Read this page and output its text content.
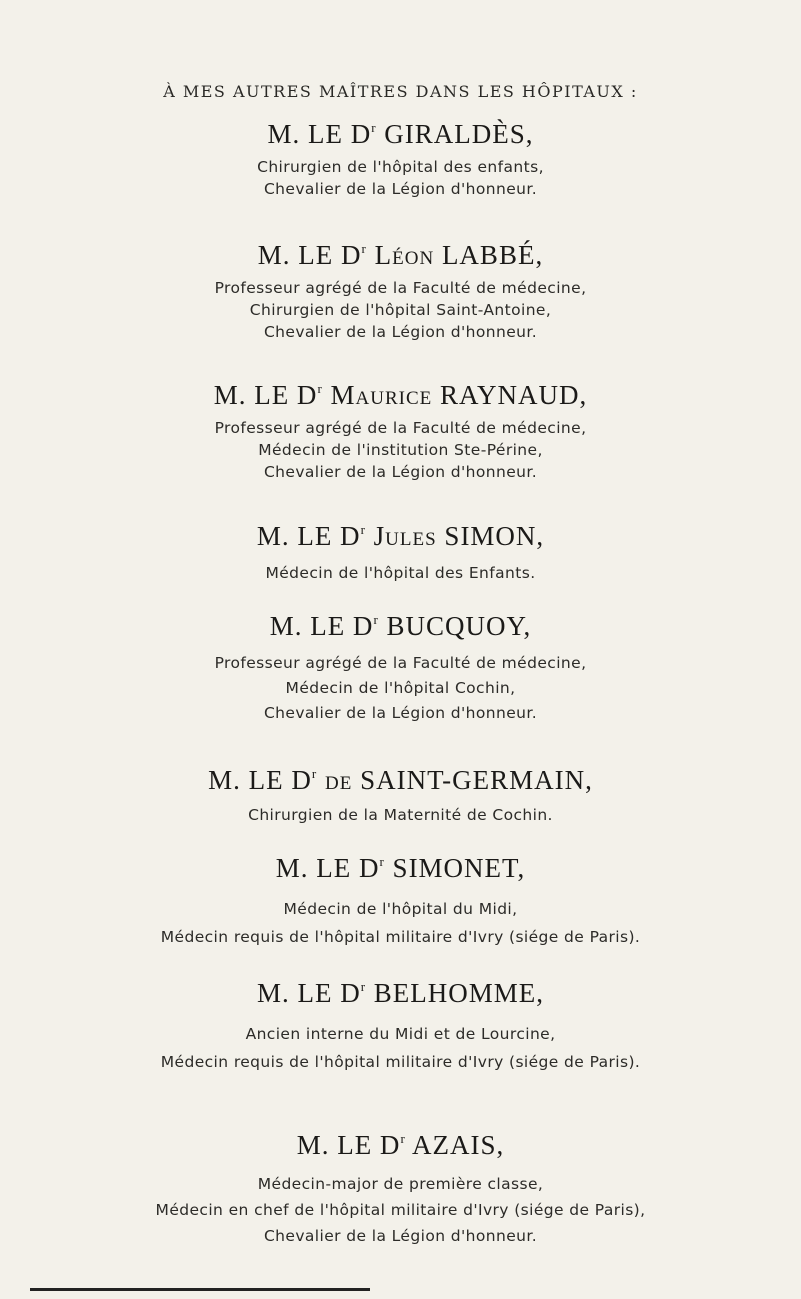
À MES AUTRES MAÎTRES DANS LES HÔPITAUX :
M. LE $D^r$ GIRALDÈS,
Chirurgien de l'hôpital des enfants,
Chevalier de la Légion d'honneur.
M. LE $D^r$ Léon LABBÉ,
Professeur agrégé de la Faculté de médecine,
Chirurgien de l'hôpital Saint-Antoine,
Chevalier de la Légion d'honneur.
M. LE $D^r$ Maurice RAYNAUD,
Professeur agrégé de la Faculté de médecine,
Médecin de l'institution Ste-Périne,
Chevalier de la Légion d'honneur.
M. LE $D^r$ Jules SIMON,
Médecin de l'hôpital des Enfants.
M. LE $D^r$ BUCQUOY,
Professeur agrégé de la Faculté de médecine,
Médecin de l'hôpital Cochin,
Chevalier de la Légion d'honneur.
M. LE $D^r$ de SAINT-GERMAIN,
Chirurgien de la Maternité de Cochin.
M. LE $D^r$ SIMONET,
Médecin de l'hôpital du Midi,
Médecin requis de l'hôpital militaire d'Ivry (siége de Paris).
M. LE $D^r$ BELHOMME,
Ancien interne du Midi et de Lourcine,
Médecin requis de l'hôpital militaire d'Ivry (siége de Paris).
M. LE $D^r$ AZAIS,
Médecin-major de première classe,
Médecin en chef de l'hôpital militaire d'Ivry (siége de Paris),
Chevalier de la Légion d'honneur.
